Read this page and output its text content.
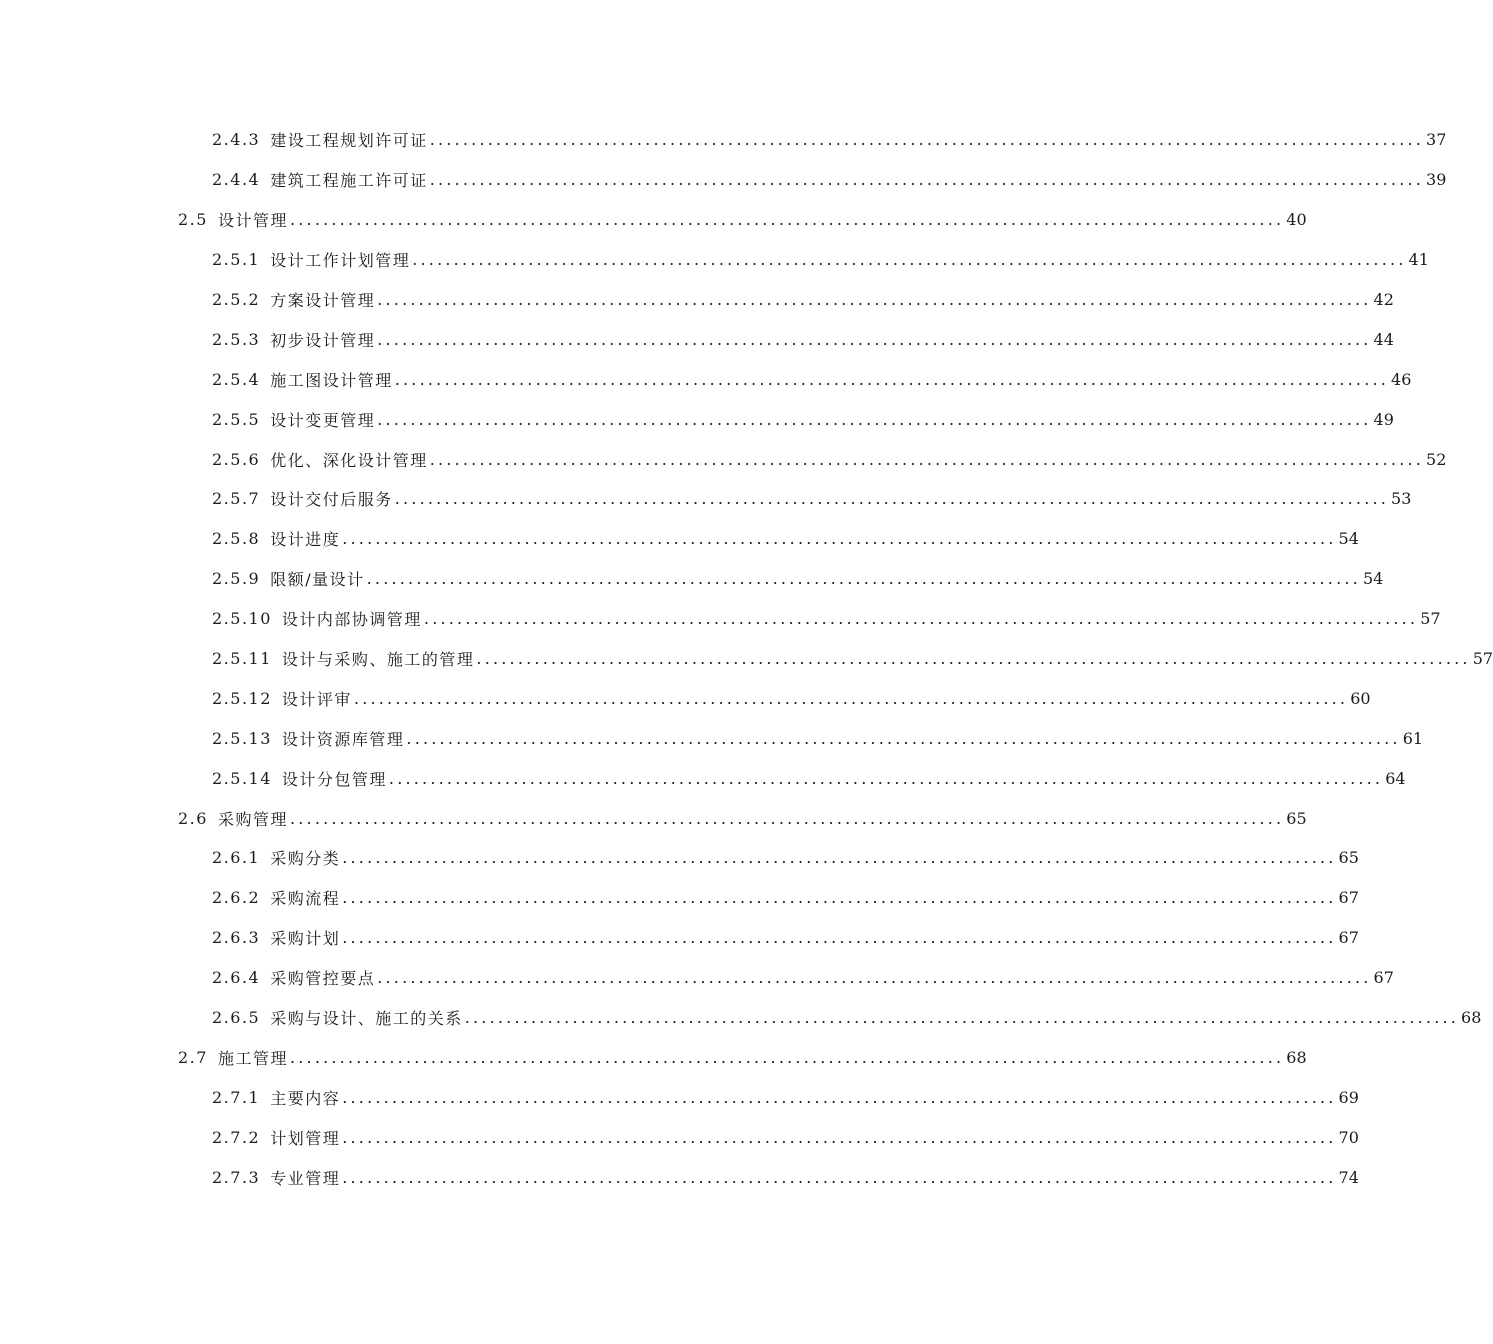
2.4.3 建设工程规划许可证 ........................................................................................................................ 37
2.4.4 建筑工程施工许可证 ........................................................................................................................ 39
2.5 设计管理 ........................................................................................................................ 40
2.5.1 设计工作计划管理 ........................................................................................................................ 41
2.5.2 方案设计管理 ........................................................................................................................ 42
2.5.3 初步设计管理 ........................................................................................................................ 44
2.5.4 施工图设计管理 ........................................................................................................................ 46
2.5.5 设计变更管理 ........................................................................................................................ 49
2.5.6 优化、深化设计管理 ........................................................................................................................ 52
2.5.7 设计交付后服务 ........................................................................................................................ 53
2.5.8 设计进度 ........................................................................................................................ 54
2.5.9 限额/量设计 ........................................................................................................................ 54
2.5.10 设计内部协调管理 ........................................................................................................................ 57
2.5.11 设计与采购、施工的管理 ........................................................................................................................ 57
2.5.12 设计评审 ........................................................................................................................ 60
2.5.13 设计资源库管理 ........................................................................................................................ 61
2.5.14 设计分包管理 ........................................................................................................................ 64
2.6 采购管理 ........................................................................................................................ 65
2.6.1 采购分类 ........................................................................................................................ 65
2.6.2 采购流程 ........................................................................................................................ 67
2.6.3 采购计划 ........................................................................................................................ 67
2.6.4 采购管控要点 ........................................................................................................................ 67
2.6.5 采购与设计、施工的关系 ........................................................................................................................ 68
2.7 施工管理 ........................................................................................................................ 68
2.7.1 主要内容 ........................................................................................................................ 69
2.7.2 计划管理 ........................................................................................................................ 70
2.7.3 专业管理 ........................................................................................................................ 74
